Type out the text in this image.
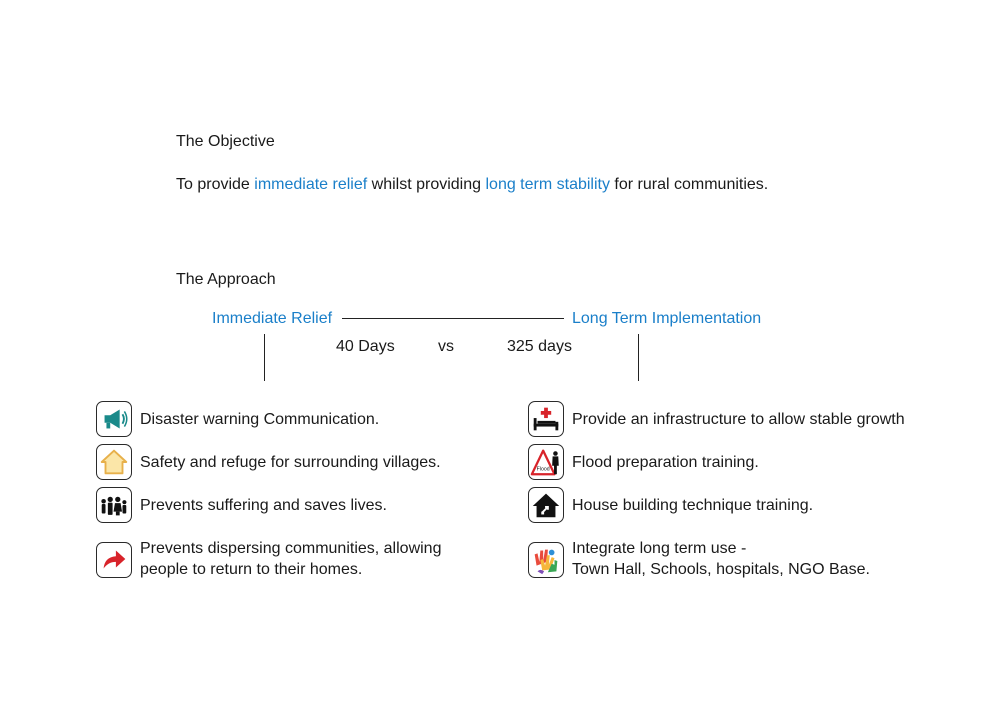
The Objective
To provide immediate relief whilst providing long term stability for rural communities.
The Approach
Immediate Relief	Long Term Implementation
40 Days	vs	325 days
Disaster warning Communication.
Safety and refuge for surrounding villages.
Prevents suffering and saves lives.
Prevents dispersing communities, allowing
people to return to their homes.
Flood
Provide an infrastructure to allow stable growth
Flood preparation training.
House building technique training.
Integrate long term use -
Town Hall, Schools, hospitals, NGO Base.
